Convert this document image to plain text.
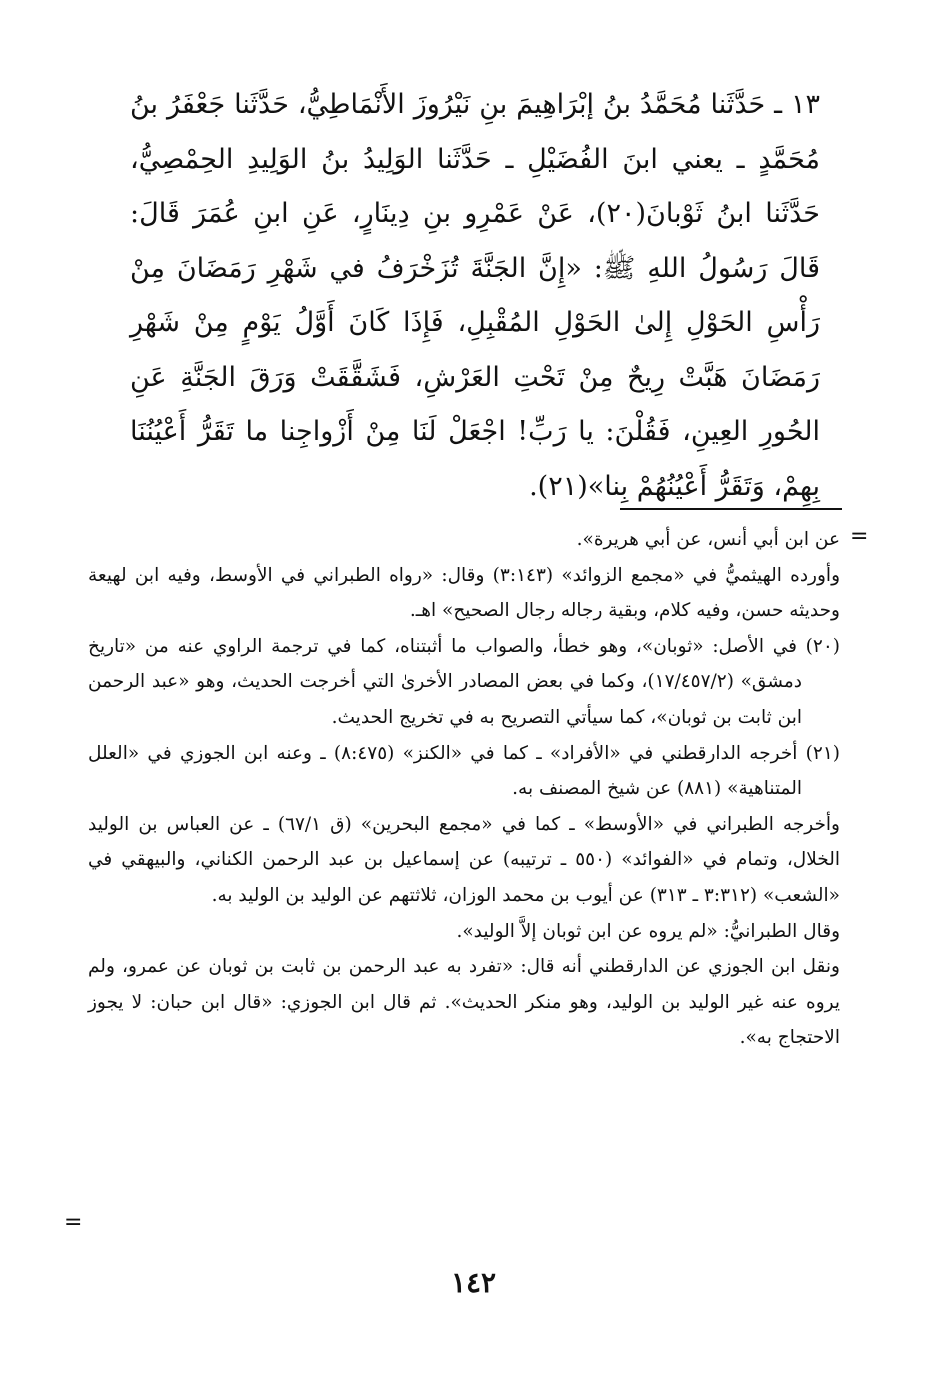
١٣ ـ حَدَّثَنا مُحَمَّدُ بنُ إبْرَاهِيمَ بنِ نَيْرُوزَ الأَنْمَاطِيُّ، حَدَّثَنا جَعْفَرُ بنُ مُحَمَّدٍ ـ يعني ابنَ الفُضَيْلِ ـ حَدَّثَنا الوَلِيدُ بنُ الوَلِيدِ الحِمْصِيُّ، حَدَّثَنا ابنُ ثَوْبانَ(٢٠)، عَنْ عَمْرِو بنِ دِينَارٍ، عَنِ ابنِ عُمَرَ قَالَ: قَالَ رَسُولُ اللهِ ﷺ: «إِنَّ الجَنَّةَ تُزَخْرَفُ في شَهْرِ رَمَضَانَ مِنْ رَأْسِ الحَوْلِ إِلىٰ الحَوْلِ المُقْبِلِ، فَإِذَا كَانَ أَوَّلُ يَوْمٍ مِنْ شَهْرِ رَمَضَانَ هَبَّتْ رِيحٌ مِنْ تَحْتِ العَرْشِ، فَشَقَّقَتْ وَرَقَ الجَنَّةِ عَنِ الحُورِ العِينِ، فَقُلْنَ: يا رَبِّ! اجْعَلْ لَنَا مِنْ أَزْواجِنا ما تَقَرُّ أَعْيُنُنَا بِهِمْ، وَتَقَرُّ أَعْيُنُهُمْ بِنا»(٢١).

=

عن ابن أبي أنس، عن أبي هريرة».

وأورده الهيثميُّ في «مجمع الزوائد» (٣:١٤٣) وقال: «رواه الطبراني في الأوسط، وفيه ابن لهيعة وحديثه حسن، وفيه كلام، وبقية رجاله رجال الصحيح» اهـ.

(٢٠) في الأصل: «ثوبان»، وهو خطأ، والصواب ما أثبتناه، كما في ترجمة الراوي عنه من «تاريخ دمشق» (١٧/٤٥٧/٢)، وكما في بعض المصادر الأخرىٰ التي أخرجت الحديث، وهو «عبد الرحمن ابن ثابت بن ثوبان»، كما سيأتي التصريح به في تخريج الحديث.

(٢١) أخرجه الدارقطني في «الأفراد» ـ كما في «الكنز» (٨:٤٧٥) ـ وعنه ابن الجوزي في «العلل المتناهية» (٨٨١) عن شيخ المصنف به.

وأخرجه الطبراني في «الأوسط» ـ كما في «مجمع البحرين» (ق ٦٧/١) ـ عن العباس بن الوليد الخلال، وتمام في «الفوائد» (٥٥٠ ـ ترتيبه) عن إسماعيل بن عبد الرحمن الكناني، والبيهقي في «الشعب» (٣:٣١٢ ـ ٣١٣) عن أيوب بن محمد الوزان، ثلاثتهم عن الوليد بن الوليد به.

وقال الطبرانيُّ: «لم يروه عن ابن ثوبان إلاَّ الوليد».

ونقل ابن الجوزي عن الدارقطني أنه قال: «تفرد به عبد الرحمن بن ثابت بن ثوبان عن عمرو، ولم يروه عنه غير الوليد بن الوليد، وهو منكر الحديث». ثم قال ابن الجوزي: «قال ابن حبان: لا يجوز الاحتجاج به».

=
١٤٢
